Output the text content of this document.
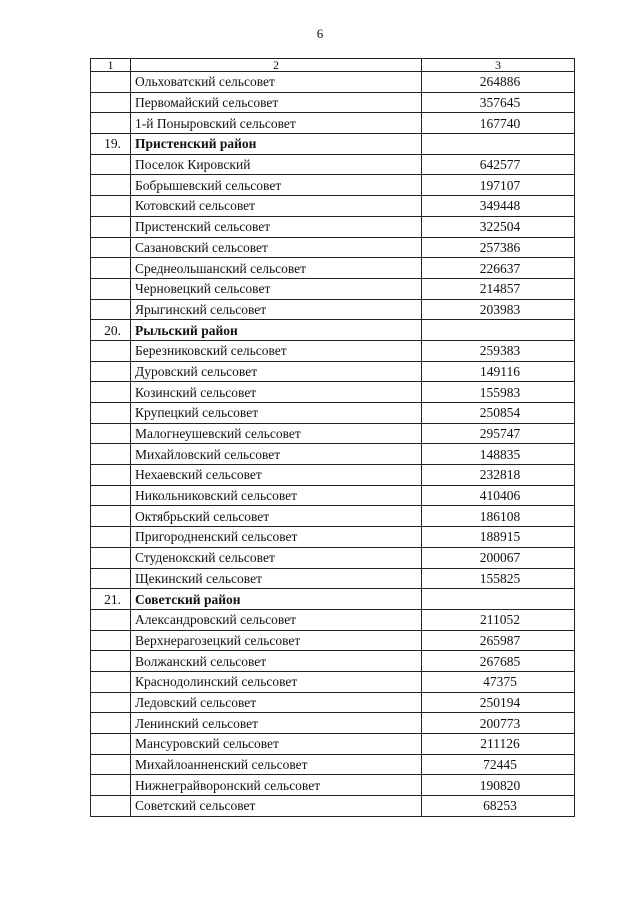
6
1	2	3
	Ольховатский сельсовет	264886
	Первомайский сельсовет	357645
	1-й Поныровский сельсовет	167740
19.	Пристенский район	
	Поселок Кировский	642577
	Бобрышевский сельсовет	197107
	Котовский сельсовет	349448
	Пристенский сельсовет	322504
	Сазановский сельсовет	257386
	Среднеольшанский сельсовет	226637
	Черновецкий сельсовет	214857
	Ярыгинский сельсовет	203983
20.	Рыльский район	
	Березниковский сельсовет	259383
	Дуровский сельсовет	149116
	Козинский сельсовет	155983
	Крупецкий сельсовет	250854
	Малогнеушевский сельсовет	295747
	Михайловский сельсовет	148835
	Нехаевский сельсовет	232818
	Никольниковский сельсовет	410406
	Октябрьский сельсовет	186108
	Пригородненский сельсовет	188915
	Студенокский сельсовет	200067
	Щекинский сельсовет	155825
21.	Советский район	
	Александровский сельсовет	211052
	Верхнерагозецкий сельсовет	265987
	Волжанский сельсовет	267685
	Краснодолинский сельсовет	47375
	Ледовский сельсовет	250194
	Ленинский сельсовет	200773
	Мансуровский сельсовет	211126
	Михайлоанненский сельсовет	72445
	Нижнеграйворонский сельсовет	190820
	Советский сельсовет	68253
